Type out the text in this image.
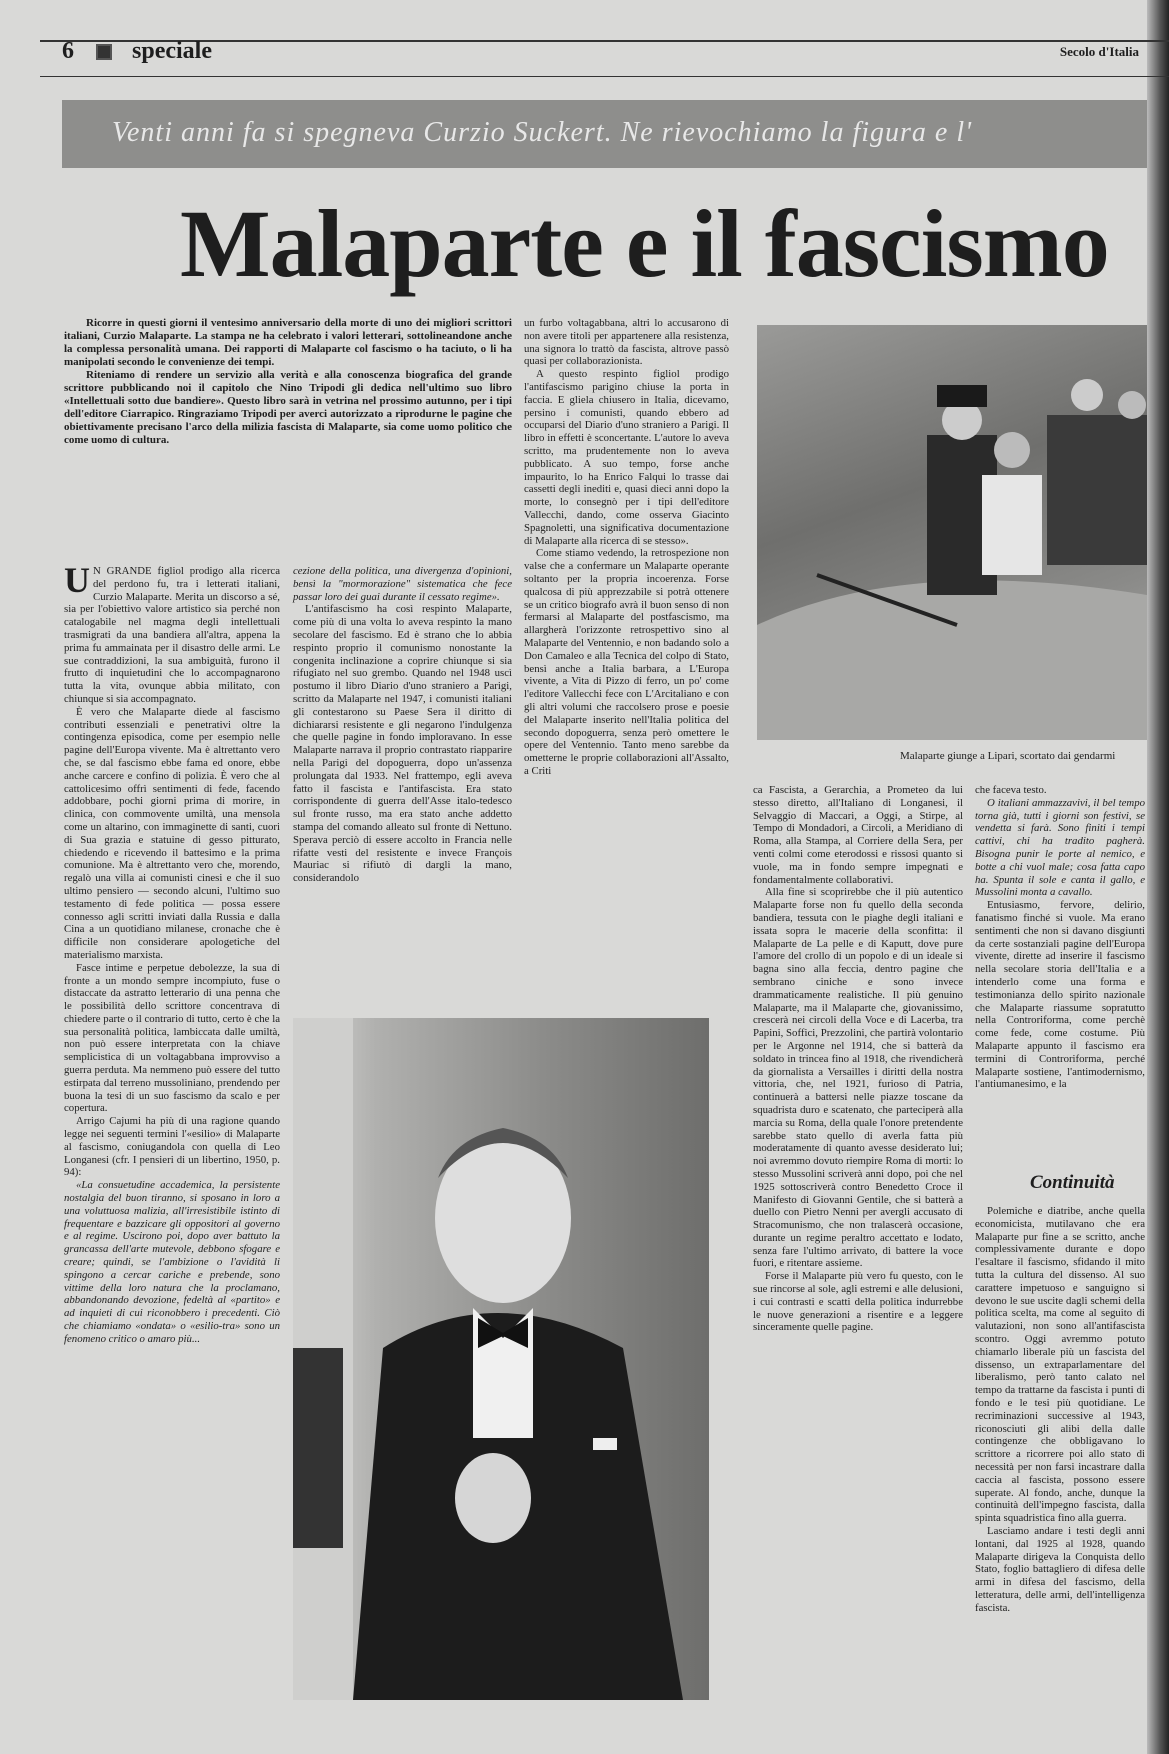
6 speciale	Secolo d'Italia
Venti anni fa si spegneva Curzio Suckert. Ne rievochiamo la figura e l'
Malaparte e il fascismo

Ricorre in questi giorni il ventesimo anniversario della morte di uno dei migliori scrittori italiani, Curzio Malaparte. La stampa ne ha celebrato i valori letterari, sottolineandone anche la complessa personalità umana. Dei rapporti di Malaparte col fascismo o ha taciuto, o li ha manipolati secondo le convenienze dei tempi.

Riteniamo di rendere un servizio alla verità e alla conoscenza biografica del grande scrittore pubblicando noi il capitolo che Nino Tripodi gli dedica nell'ultimo suo libro «Intellettuali sotto due bandiere». Questo libro sarà in vetrina nel prossimo autunno, per i tipi dell'editore Ciarrapico. Ringraziamo Tripodi per averci autorizzato a riprodurne le pagine che obiettivamente precisano l'arco della milizia fascista di Malaparte, sia come uomo politico che come uomo di cultura.

U N GRANDE figliol prodigo alla ricerca del perdono fu, tra i letterati italiani, Curzio Malaparte. Merita un discorso a sé, sia per l'obiettivo valore artistico sia perché non catalogabile nel magma degli intellettuali trasmigrati da una bandiera all'altra, appena la prima fu ammainata per il disastro delle armi. Le sue contraddizioni, la sua ambiguità, furono il frutto di inquietudini che lo accompagnarono tutta la vita, ovunque abbia militato, con chiunque si sia accompagnato.

È vero che Malaparte diede al fascismo contributi essenziali e penetrativi oltre la contingenza episodica, come per esempio nelle pagine dell'Europa vivente. Ma è altrettanto vero che, se dal fascismo ebbe fama ed onore, ebbe anche carcere e confino di polizia. È vero che al cattolicesimo offrì sentimenti di fede, facendo addobbare, pochi giorni prima di morire, in clinica, con commovente umiltà, una mensola come un altarino, con immaginette di santi, cuori di Sua grazia e statuine di gesso pitturato, chiedendo e ricevendo il battesimo e la prima comunione. Ma è altrettanto vero che, morendo, regalò una villa ai comunisti cinesi e che il suo ultimo pensiero — secondo alcuni, l'ultimo suo testamento di fede politica — possa essere connesso agli scritti inviati dalla Russia e dalla Cina a un quotidiano milanese, cronache che è difficile non considerare apologetiche del materialismo marxista.

Fasce intime e perpetue debolezze, la sua di fronte a un mondo sempre incompiuto, fuse o distaccate da astratto letterario di una penna che le possibilità dello scrittore concentrava di chiedere parte o il contrario di tutto, certo è che la sua personalità politica, lambiccata dalle umiltà, non può essere interpretata con la chiave semplicistica di un voltagabbana improvviso a guerra perduta. Ma nemmeno può essere del tutto estirpata dal terreno mussoliniano, prendendo per buona la tesi di un suo fascismo da scalo e per copertura.

Arrigo Cajumi ha più di una ragione quando legge nei seguenti termini l'«esilio» di Malaparte al fascismo, coniugandola con quella di Leo Longanesi (cfr. I pensieri di un libertino, 1950, p. 94):

«La consuetudine accademica, la persistente nostalgia del buon tiranno, si sposano in loro a una voluttuosa malizia, all'irresistibile istinto di frequentare e bazzicare gli oppositori al governo e al regime. Uscirono poi, dopo aver battuto la grancassa dell'arte mutevole, debbono sfogare e creare; quindi, se l'ambizione o l'avidità li spingono a cercar cariche e prebende, sono vittime della loro natura che la proclamano, abbandonando devozione, fedeltà al «partito» e ad inquieti di cui riconobbero i precedenti. Ciò che chiamiamo «ondata» o «esilio-tra» sono un fenomeno critico o amaro più...

cezione della politica, una divergenza d'opinioni, bensì la "mormorazione" sistematica che fece passar loro dei guai durante il cessato regime».

L'antifascismo ha così respinto Malaparte, come più di una volta lo aveva respinto la mano secolare del fascismo. Ed è strano che lo abbia respinto proprio il comunismo nonostante la congenita inclinazione a coprire chiunque si sia rifugiato nel suo grembo. Quando nel 1948 uscì postumo il libro Diario d'uno straniero a Parigi, scritto da Malaparte nel 1947, i comunisti italiani gli contestarono su Paese Sera il diritto di dichiararsi resistente e gli negarono l'indulgenza che quelle pagine in fondo imploravano. In esse Malaparte narrava il proprio contrastato riapparire nella Parigi del dopoguerra, dopo un'assenza prolungata dal 1933. Nel frattempo, egli aveva fatto il fascista e l'antifascista. Era stato corrispondente di guerra dell'Asse italo-tedesco sul fronte russo, ma era stato anche addetto stampa del comando alleato sul fronte di Nettuno. Sperava perciò di essere accolto in Francia nelle rifatte vesti del resistente e invece François Mauriac si rifiutò di dargli la mano, considerandolo

un furbo voltagabbana, altri lo accusarono di non avere titoli per appartenere alla resistenza, una signora lo trattò da fascista, altrove passò quasi per collaborazionista.

A questo respinto figliol prodigo l'antifascismo parigino chiuse la porta in faccia. E gliela chiusero in Italia, dicevamo, persino i comunisti, quando ebbero ad occuparsi del Diario d'uno straniero a Parigi. Il libro in effetti è sconcertante. L'autore lo aveva scritto, ma prudentemente non lo aveva pubblicato. A suo tempo, forse anche impaurito, lo ha Enrico Falqui lo trasse dai cassetti degli inediti e, quasi dieci anni dopo la morte, lo consegnò per i tipi dell'editore Vallecchi, dando, come osserva Giacinto Spagnoletti, una significativa documentazione di Malaparte alla ricerca di se stesso».

Come stiamo vedendo, la retrospezione non valse che a confermare un Malaparte operante soltanto per la propria incoerenza. Forse qualcosa di più apprezzabile si potrà ottenere se un critico biografo avrà il buon senso di non fermarsi al Malaparte del postfascismo, ma allargherà l'orizzonte retrospettivo sino al Malaparte del Ventennio, e non badando solo a Don Camaleo e alla Tecnica del colpo di Stato, bensì anche a Italia barbara, a L'Europa vivente, a Vita di Pizzo di ferro, un po' come l'editore Vallecchi fece con L'Arcitaliano e con gli altri volumi che raccolsero prose e poesie del Malaparte inserito nell'Italia politica del secondo dopoguerra, senza però omettere le opere del Ventennio. Tanto meno sarebbe da ometterne le proprie collaborazioni all'Assalto, a Criti

Malaparte giunge a Lipari, scortato dai gendarmi

ca Fascista, a Gerarchia, a Prometeo da lui stesso diretto, all'Italiano di Longanesi, il Selvaggio di Maccari, a Oggi, a Stirpe, al Tempo di Mondadori, a Circoli, a Meridiano di Roma, alla Stampa, al Corriere della Sera, per venti colmi come eterodossi e rissosi quanto si vuole, ma in fondo sempre impegnati e fondamentalmente collaborativi.

Alla fine si scoprirebbe che il più autentico Malaparte forse non fu quello della seconda bandiera, tessuta con le piaghe degli italiani e issata sopra le macerie della sconfitta: il Malaparte de La pelle e di Kaputt, dove pure l'amore del crollo di un popolo e di un ideale si bagna sino alla feccia, dentro pagine che sembrano ciniche e sono invece drammaticamente realistiche. Il più genuino Malaparte, ma il Malaparte che, giovanissimo, crescerà nei circoli della Voce e di Lacerba, tra Papini, Soffici, Prezzolini, che partirà volontario per le Argonne nel 1914, che si batterà da soldato in trincea fino al 1918, che rivendicherà da giornalista a Versailles i diritti della nostra vittoria, che, nel 1921, furioso di Patria, continuerà a battersi nelle piazze toscane da squadrista duro e scatenato, che parteciperà alla marcia su Roma, della quale l'onore pretendente sarebbe stato quello di averla fatta più moderatamente di quanto avesse desiderato lui; noi avremmo dovuto riempire Roma di morti: lo stesso Mussolini scriverà anni dopo, poi che nel 1925 sottoscriverà contro Benedetto Croce il Manifesto di Giovanni Gentile, che si batterà a duello con Pietro Nenni per avergli accusato di Stracomunismo, che non tralascerà occasione, durante un regime peraltro accettato e lodato, senza fare l'ultimo arrivato, di battere la voce fuori, e ritentare assieme.

Forse il Malaparte più vero fu questo, con le sue rincorse al sole, agli estremi e alle delusioni, i cui contrasti e scatti della politica indurrebbe le nuove generazioni a risentire e a leggere sinceramente quelle pagine.

che faceva testo.

O italiani ammazzavivi, il bel tempo torna già, tutti i giorni son festivi, se vendetta si farà. Sono finiti i tempi cattivi, chi ha tradito pagherà. Bisogna punir le porte al nemico, e botte a chi vuol male; cosa fatta capo ha. Spunta il sole e canta il gallo, e Mussolini monta a cavallo.

Entusiasmo, fervore, delirio, fanatismo finché si vuole. Ma erano sentimenti che non si davano disgiunti da certe sostanziali pagine dell'Europa vivente, dirette ad inserire il fascismo nella secolare storia dell'Italia e a intenderlo come una forma e testimonianza dello spirito nazionale che Malaparte riassume sopratutto nella Controriforma, come perchè come fede, come costume. Più Malaparte appunto il fascismo era termini di Controriforma, perché Malaparte sostiene, l'antimodernismo, l'antiumanesimo, e la

Continuità

Polemiche e diatribe, anche quella economicista, mutilavano che era Malaparte pur fine a se scritto, anche complessivamente durante e dopo l'esaltare il fascismo, sfidando il mito tutta la cultura del dissenso. Al suo carattere impetuoso e sanguigno si devono le sue uscite dagli schemi della politica scelta, ma come al seguito di valutazioni, non sono all'antifascista scontro. Oggi avremmo potuto chiamarlo liberale più un fascista del dissenso, un extraparlamentare del liberalismo, però tanto calato nel tempo da trattarne da fascista i punti di fondo e le tesi più quotidiane. Le recriminazioni successive al 1943, riconosciuti gli alibi della dalle contingenze che obbligavano lo scrittore a ricorrere poi allo stato di necessità per non farsi incastrare dalla caccia al fascista, possono essere superate. Al fondo, anche, dunque la continuità dell'impegno fascista, dalla spinta squadristica fino alla guerra.

Lasciamo andare i testi degli anni lontani, dal 1925 al 1928, quando Malaparte dirigeva la Conquista dello Stato, foglio battagliero di difesa delle armi in difesa del fascismo, della letteratura, delle armi, dell'intelligenza fascista.
